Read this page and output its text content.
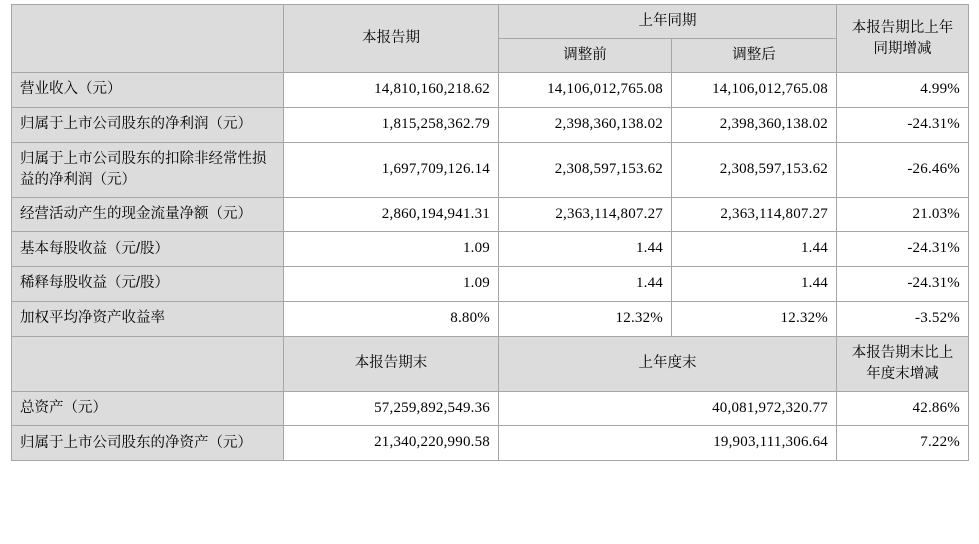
	本报告期	上年同期		本报告期比上年同期增减
		调整前	调整后	
营业收入（元）	14,810,160,218.62	14,106,012,765.08	14,106,012,765.08	4.99%
归属于上市公司股东的净利润（元）	1,815,258,362.79	2,398,360,138.02	2,398,360,138.02	-24.31%
归属于上市公司股东的扣除非经常性损益的净利润（元）	1,697,709,126.14	2,308,597,153.62	2,308,597,153.62	-26.46%
经营活动产生的现金流量净额（元）	2,860,194,941.31	2,363,114,807.27	2,363,114,807.27	21.03%
基本每股收益（元/股）	1.09	1.44	1.44	-24.31%
稀释每股收益（元/股）	1.09	1.44	1.44	-24.31%
加权平均净资产收益率	8.80%	12.32%	12.32%	-3.52%
	本报告期末	上年度末		本报告期末比上年度末增减
总资产（元）	57,259,892,549.36	40,081,972,320.77		42.86%
归属于上市公司股东的净资产（元）	21,340,220,990.58	19,903,111,306.64		7.22%
